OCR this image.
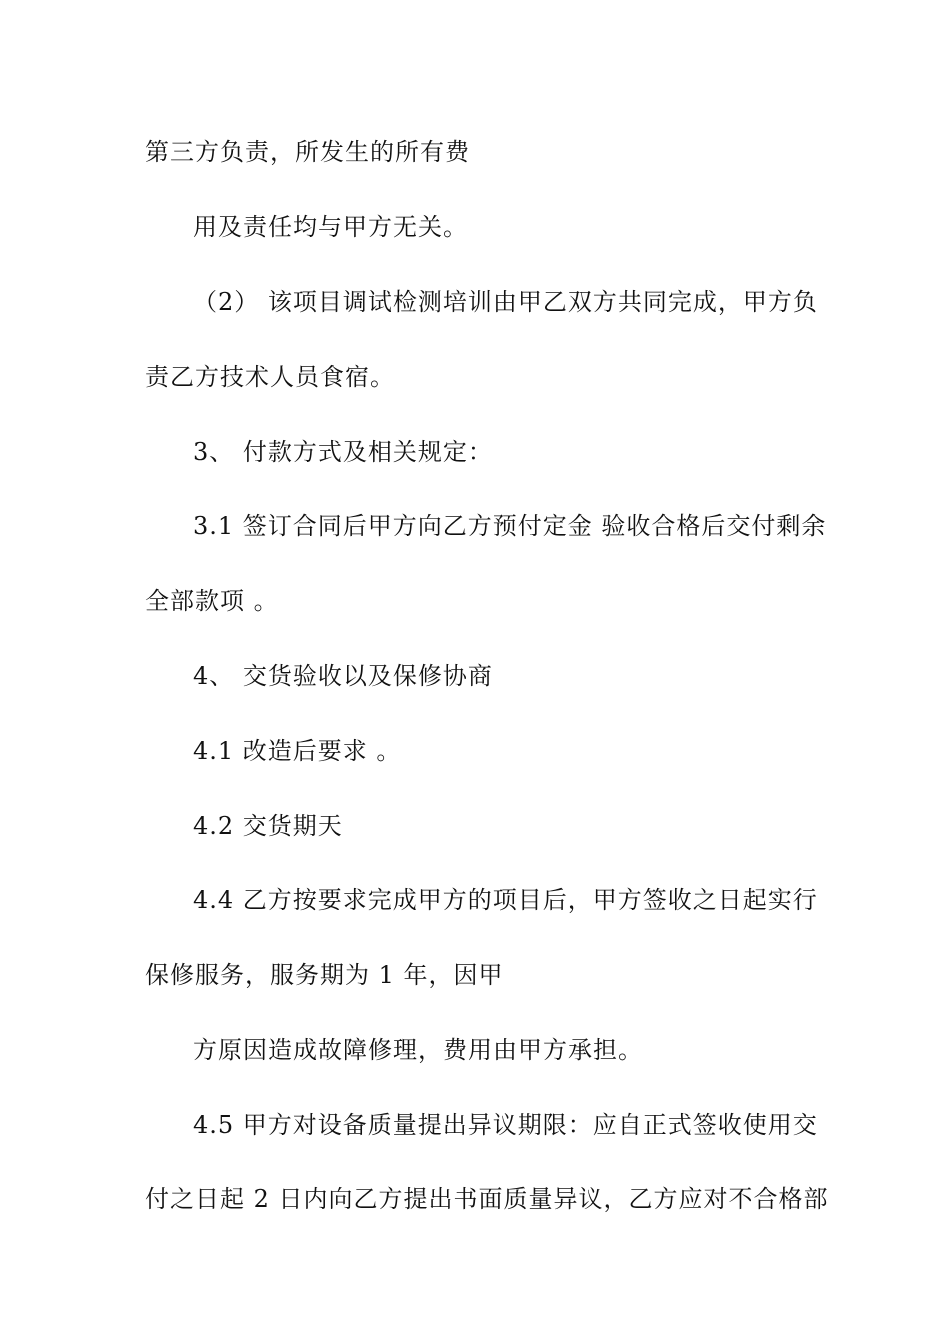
第三方负责，所发生的所有费
用及责任均与甲方无关。
（2） 该项目调试检测培训由甲乙双方共同完成，甲方负
责乙方技术人员食宿。
3、 付款方式及相关规定：
3.1 签订合同后甲方向乙方预付定金 验收合格后交付剩余
全部款项 。
4、 交货验收以及保修协商
4.1 改造后要求 。
4.2 交货期天
4.4 乙方按要求完成甲方的项目后，甲方签收之日起实行
保修服务，服务期为 1 年，因甲
方原因造成故障修理，费用由甲方承担。
4.5 甲方对设备质量提出异议期限：应自正式签收使用交
付之日起 2 日内向乙方提出书面质量异议，乙方应对不合格部
